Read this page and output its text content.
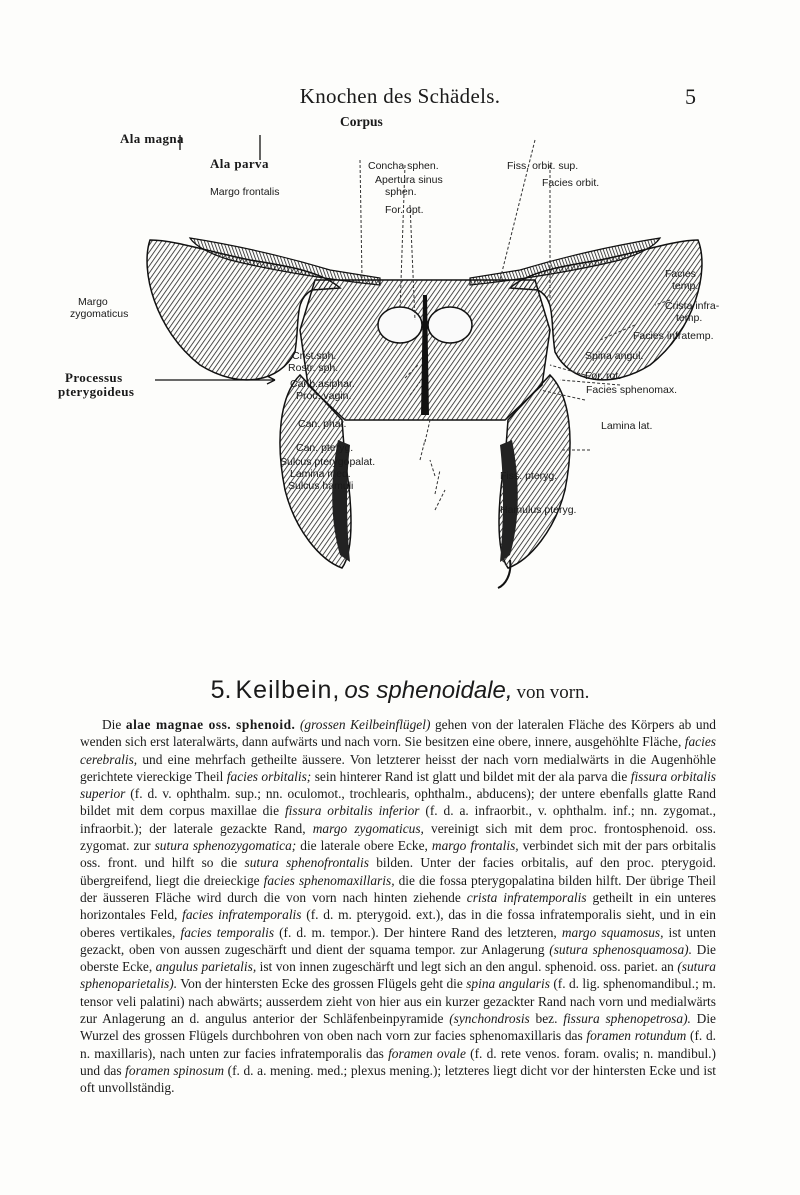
Knochen des Schädels.	5
Corpus
Ala magna
Ala parva	Concha sphen.
Apertura sinus
sphen.
Fiss. orbit. sup.
Facies orbit.
Margo frontalis
For. opt.
Facies
temp.
Crista infra-
temp.
Margo
zygomaticus
Facies infratemp.
Crist.sph.
Rostr. sph.
Canb.asiphar.
Proc. vagin.
Spina angul.
For. rot.
Facies sphenomax.
Processus
pterygoideus
Can. phar.	Lamina lat.
Can. pteryg.
Sulcus pterygopalat.
Lamina med.
Sulcus hamuli
Fiss. pteryg.
Hamulus pteryg.
5. Keilbein, os sphenoidale, von vorn.
Die alae magnae oss. sphenoid. (grossen Keilbeinflügel) gehen von der lateralen Fläche des Körpers ab und wenden sich erst lateralwärts, dann aufwärts und nach vorn. Sie besitzen eine obere, innere, ausgehöhlte Fläche, facies cerebralis, und eine mehrfach getheilte äussere. Von letzterer heisst der nach vorn medialwärts in die Augenhöhle gerichtete viereckige Theil facies orbitalis; sein hinterer Rand ist glatt und bildet mit der ala parva die fissura orbitalis superior (f. d. v. ophthalm. sup.; nn. oculomot., trochlearis, ophthalm., abducens); der untere ebenfalls glatte Rand bildet mit dem corpus maxillae die fissura orbitalis inferior (f. d. a. infraorbit., v. ophthalm. inf.; nn. zygomat., infraorbit.); der laterale gezackte Rand, margo zygomaticus, vereinigt sich mit dem proc. frontosphenoid. oss. zygomat. zur sutura sphenozygomatica; die laterale obere Ecke, margo frontalis, verbindet sich mit der pars orbitalis oss. front. und hilft so die sutura sphenofrontalis bilden. Unter der facies orbitalis, auf den proc. pterygoid. übergreifend, liegt die dreieckige facies sphenomaxillaris, die die fossa pterygopalatina bilden hilft. Der übrige Theil der äusseren Fläche wird durch die von vorn nach hinten ziehende crista infratemporalis getheilt in ein unteres horizontales Feld, facies infratemporalis (f. d. m. pterygoid. ext.), das in die fossa infratemporalis sieht, und in ein oberes vertikales, facies temporalis (f. d. m. tempor.). Der hintere Rand des letzteren, margo squamosus, ist unten gezackt, oben von aussen zugeschärft und dient der squama tempor. zur Anlagerung (sutura sphenosquamosa). Die oberste Ecke, angulus parietalis, ist von innen zugeschärft und legt sich an den angul. sphenoid. oss. pariet. an (sutura sphenoparietalis). Von der hintersten Ecke des grossen Flügels geht die spina angularis (f. d. lig. sphenomandibul.; m. tensor veli palatini) nach abwärts; ausserdem zieht von hier aus ein kurzer gezackter Rand nach vorn und medialwärts zur Anlagerung an d. angulus anterior der Schläfenbeinpyramide (synchondrosis bez. fissura sphenopetrosa). Die Wurzel des grossen Flügels durchbohren von oben nach vorn zur facies sphenomaxillaris das foramen rotundum (f. d. n. maxillaris), nach unten zur facies infratemporalis das foramen ovale (f. d. rete venos. foram. ovalis; n. mandibul.) und das foramen spinosum (f. d. a. mening. med.; plexus mening.); letzteres liegt dicht vor der hintersten Ecke und ist oft unvollständig.
